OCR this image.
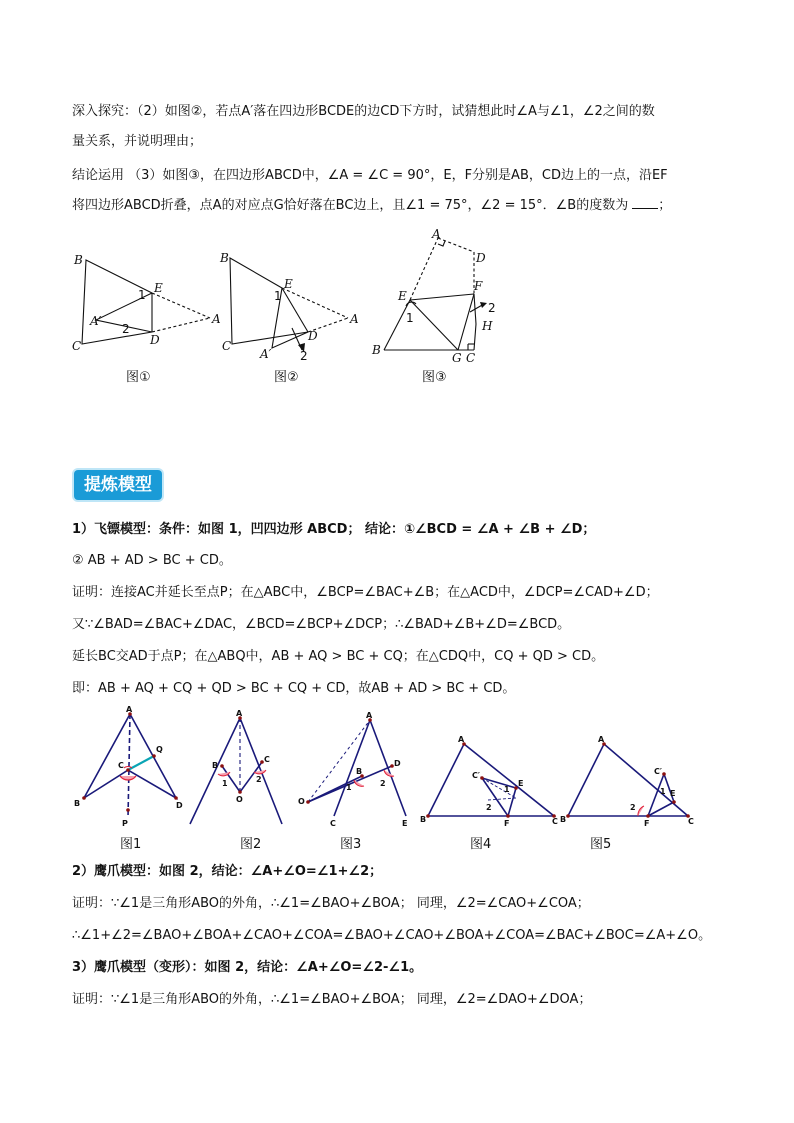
深入探究：（2）如图②，若点A′落在四边形BCDE的边CD下方时，试猜想此时∠A与∠1，∠2之间的数
量关系，并说明理由；
结论运用 （3）如图③，在四边形ABCD中，∠A = ∠C = 90°，E，F分别是AB，CD边上的一点，沿EF
将四边形ABCD折叠，点A的对应点G恰好落在BC边上，且∠1 = 75°，∠2 = 15°．∠B的度数为 ；
B
C
E
D
A
A′
1
2
图①
B
C
E
D
A
A′
1
2
图②
A
D
E
F
B
G C
H
1
2
图③
提炼模型
1）飞镖模型：条件：如图 1，凹四边形 ABCD； 结论：①∠BCD = ∠A + ∠B + ∠D；
② AB + AD > BC + CD。
证明：连接AC并延长至点P；在△ABC中，∠BCP=∠BAC+∠B；在△ACD中，∠DCP=∠CAD+∠D；
又∵∠BAD=∠BAC+∠DAC，∠BCD=∠BCP+∠DCP；∴∠BAD+∠B+∠D=∠BCD。
延长BC交AD于点P；在△ABQ中，AB + AQ > BC + CQ；在△CDQ中，CQ + QD > CD。
即：AB + AQ + CQ + QD > BC + CQ + CD，故AB + AD > BC + CD。
A
B
C
D
P
Q
图1
A
B
C
O
1	2
图2
A
B
C
D
E
O
1	2
图3
A
B	C
C′
E
F
1
2
图4
A
B	C
C′
E
F
1
2
图5
2）鹰爪模型：如图 2，结论：∠A+∠O=∠1+∠2；
证明：∵∠1是三角形ABO的外角，∴∠1=∠BAO+∠BOA； 同理，∠2=∠CAO+∠COA；
∴∠1+∠2=∠BAO+∠BOA+∠CAO+∠COA=∠BAO+∠CAO+∠BOA+∠COA=∠BAC+∠BOC=∠A+∠O。
3）鹰爪模型（变形）：如图 2，结论：∠A+∠O=∠2-∠1。
证明：∵∠1是三角形ABO的外角，∴∠1=∠BAO+∠BOA； 同理，∠2=∠DAO+∠DOA；
